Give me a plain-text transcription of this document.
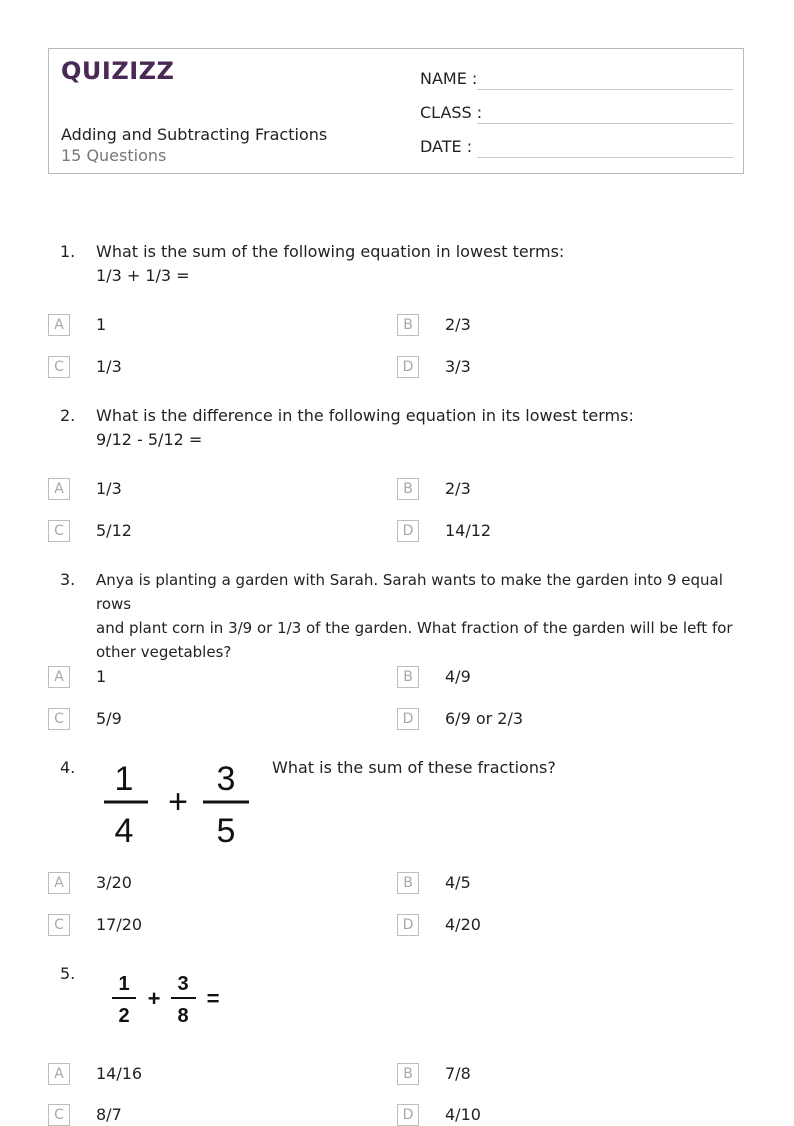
QUIZIZZ
Adding and Subtracting Fractions
15 Questions
NAME :
CLASS :
DATE :
1. What is the sum of the following equation in lowest terms:
1/3 + 1/3 =
A	1	B	2/3
C	1/3	D	3/3
2. What is the difference in the following equation in its lowest terms:
9/12 - 5/12 =
A	1/3	B	2/3
C	5/12	D	14/12
3. Anya is planting a garden with Sarah. Sarah wants to make the garden into 9 equal rows
and plant corn in 3/9 or 1/3 of the garden. What fraction of the garden will be left for
other vegetables?
A	1	B	4/9
C	5/9	D	6/9 or 2/3
4. 1
4
+
3
5
What is the sum of these fractions?
A	3/20	B	4/5
C	17/20	D	4/20
5. 1
2
+
3
8
=
A	14/16	B	7/8
C	8/7	D	4/10
